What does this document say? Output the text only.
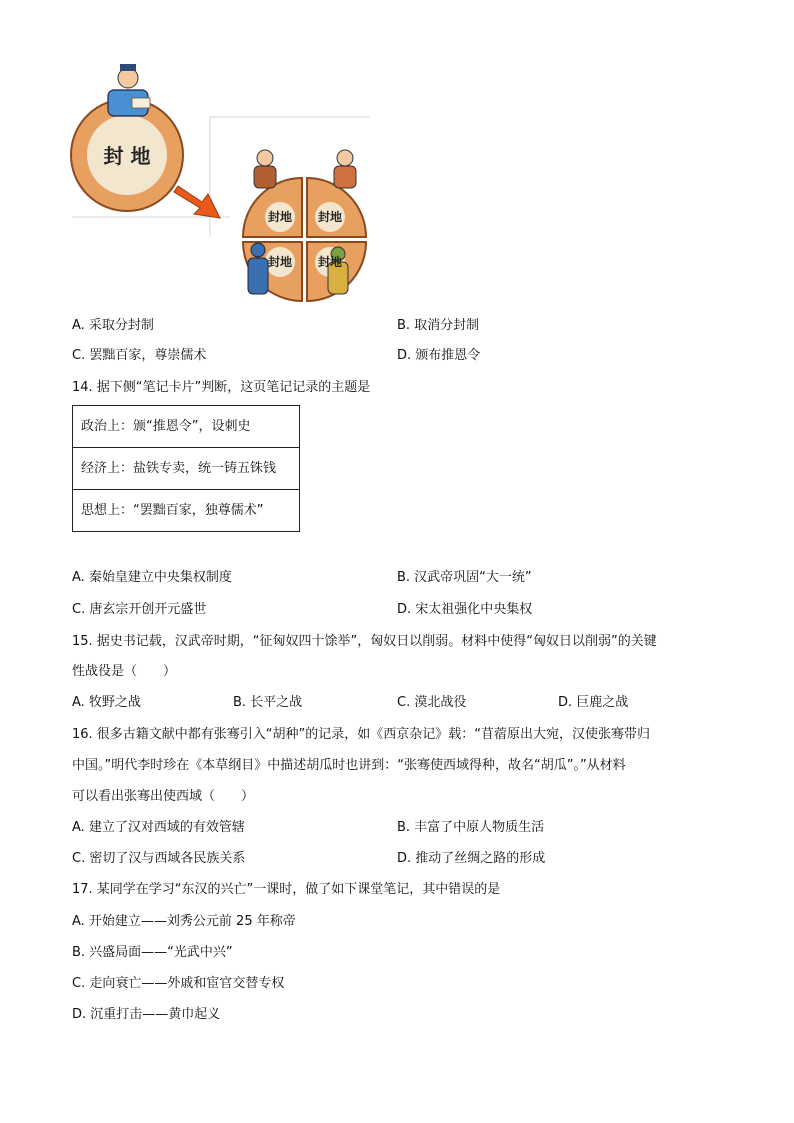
封 地
封地 封地
封地 封地
A. 采取分封制	B. 取消分封制
C. 罢黜百家，尊崇儒术	D. 颁布推恩令
14. 据下侧“笔记卡片”判断，这页笔记记录的主题是
政治上：颁“推恩令”，设刺史
经济上：盐铁专卖，统一铸五铢钱
思想上：“罢黜百家，独尊儒术”
A. 秦始皇建立中央集权制度	B. 汉武帝巩固“大一统”
C. 唐玄宗开创开元盛世	D. 宋太祖强化中央集权
15. 据史书记载，汉武帝时期，“征匈奴四十馀举”，匈奴日以削弱。材料中使得“匈奴日以削弱”的关键
性战役是（　　）
A. 牧野之战	B. 长平之战	C. 漠北战役	D. 巨鹿之战
16. 很多古籍文献中都有张骞引入“胡种”的记录，如《西京杂记》载：“苜蓿原出大宛，汉使张骞带归
中国。”明代李时珍在《本草纲目》中描述胡瓜时也讲到：“张骞使西域得种，故名“胡瓜”。”从材料
可以看出张骞出使西域（　　）
A. 建立了汉对西域的有效管辖	B. 丰富了中原人物质生活
C. 密切了汉与西域各民族关系	D. 推动了丝绸之路的形成
17. 某同学在学习“东汉的兴亡”一课时，做了如下课堂笔记，其中错误的是
A. 开始建立——刘秀公元前 25 年称帝
B. 兴盛局面——“光武中兴”
C. 走向衰亡——外戚和宦官交替专权
D. 沉重打击——黄巾起义
